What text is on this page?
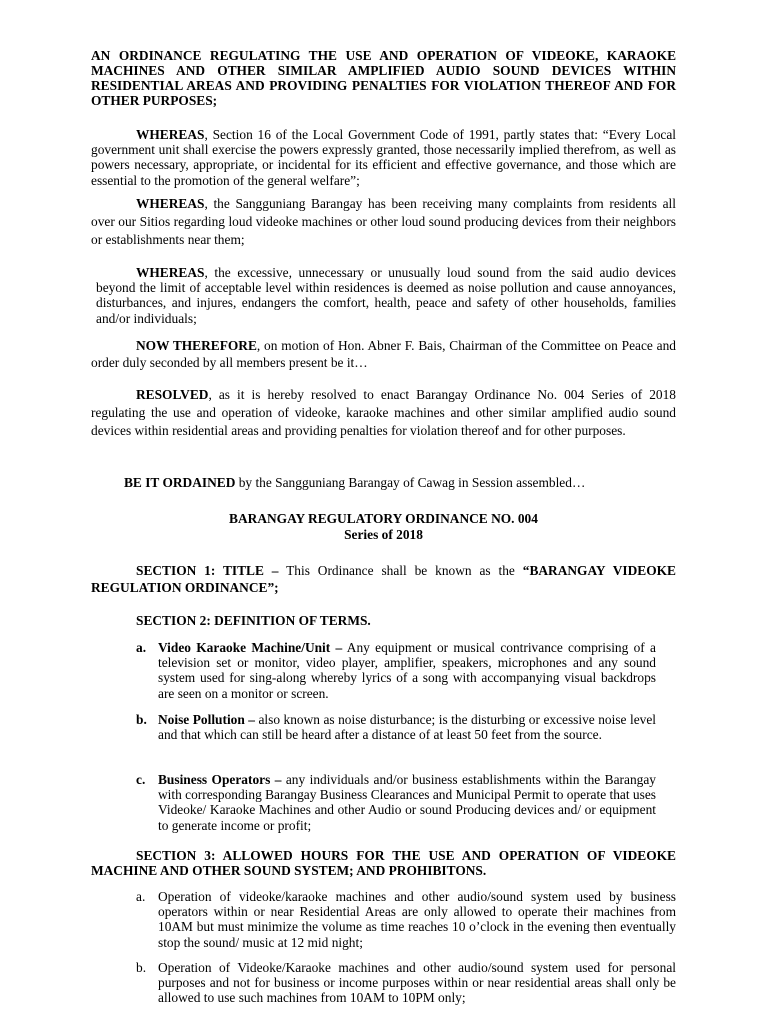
AN ORDINANCE REGULATING THE USE AND OPERATION OF VIDEOKE, KARAOKE MACHINES AND OTHER SIMILAR AMPLIFIED AUDIO SOUND DEVICES WITHIN RESIDENTIAL AREAS AND PROVIDING PENALTIES FOR VIOLATION THEREOF AND FOR OTHER PURPOSES;

WHEREAS, Section 16 of the Local Government Code of 1991, partly states that: “Every Local government unit shall exercise the powers expressly granted, those necessarily implied therefrom, as well as powers necessary, appropriate, or incidental for its efficient and effective governance, and those which are essential to the promotion of the general welfare”;

WHEREAS, the Sangguniang Barangay has been receiving many complaints from residents all over our Sitios regarding loud videoke machines or other loud sound producing devices from their neighbors or establishments near them;

WHEREAS, the excessive, unnecessary or unusually loud sound from the said audio devices beyond the limit of acceptable level within residences is deemed as noise pollution and cause annoyances, disturbances, and injures, endangers the comfort, health, peace and safety of other households, families and/or individuals;

NOW THEREFORE, on motion of Hon. Abner F. Bais, Chairman of the Committee on Peace and order duly seconded by all members present be it…

RESOLVED, as it is hereby resolved to enact Barangay Ordinance No. 004 Series of 2018 regulating the use and operation of videoke, karaoke machines and other similar amplified audio sound devices within residential areas and providing penalties for violation thereof and for other purposes.

BE IT ORDAINED by the Sangguniang Barangay of Cawag in Session assembled…

BARANGAY REGULATORY ORDINANCE NO. 004
Series of 2018

SECTION 1: TITLE – This Ordinance shall be known as the “BARANGAY VIDEOKE REGULATION ORDINANCE”;

SECTION 2: DEFINITION OF TERMS.

a. Video Karaoke Machine/Unit – Any equipment or musical contrivance comprising of a television set or monitor, video player, amplifier, speakers, microphones and any sound system used for sing-along whereby lyrics of a song with accompanying visual backdrops are seen on a monitor or screen.

b. Noise Pollution – also known as noise disturbance; is the disturbing or excessive noise level and that which can still be heard after a distance of at least 50 feet from the source.

c. Business Operators – any individuals and/or business establishments within the Barangay with corresponding Barangay Business Clearances and Municipal Permit to operate that uses Videoke/ Karaoke Machines and other Audio or sound Producing devices and/ or equipment to generate income or profit;

SECTION 3: ALLOWED HOURS FOR THE USE AND OPERATION OF VIDEOKE MACHINE AND OTHER SOUND SYSTEM; AND PROHIBITONS.

a. Operation of videoke/karaoke machines and other audio/sound system used by business operators within or near Residential Areas are only allowed to operate their machines from 10AM but must minimize the volume as time reaches 10 o’clock in the evening then eventually stop the sound/ music at 12 mid night;

b. Operation of Videoke/Karaoke machines and other audio/sound system used for personal purposes and not for business or income purposes within or near residential areas shall only be allowed to use such machines from 10AM to 10PM only;
